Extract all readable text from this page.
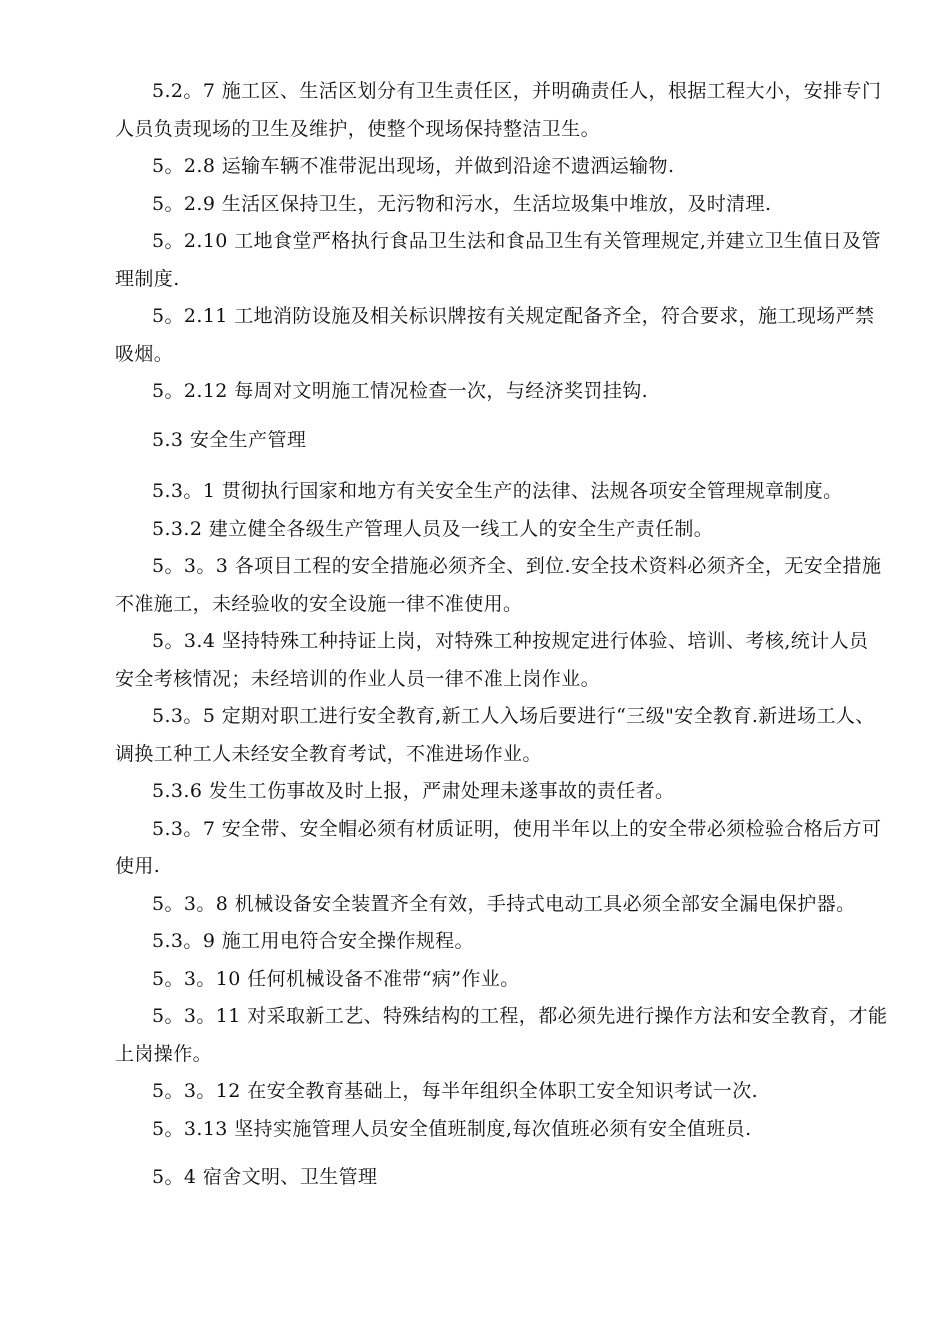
5.2。7 施工区、生活区划分有卫生责任区，并明确责任人，根据工程大小，安排专门
人员负责现场的卫生及维护，使整个现场保持整洁卫生。

5。2.8 运输车辆不准带泥出现场，并做到沿途不遗洒运输物.

5。2.9 生活区保持卫生，无污物和污水，生活垃圾集中堆放，及时清理.

5。2.10 工地食堂严格执行食品卫生法和食品卫生有关管理规定,并建立卫生值日及管
理制度.

5。2.11 工地消防设施及相关标识牌按有关规定配备齐全，符合要求，施工现场严禁
吸烟。

5。2.12 每周对文明施工情况检查一次，与经济奖罚挂钩.

5.3 安全生产管理

5.3。1 贯彻执行国家和地方有关安全生产的法律、法规各项安全管理规章制度。

5.3.2 建立健全各级生产管理人员及一线工人的安全生产责任制。

5。3。3 各项目工程的安全措施必须齐全、到位.安全技术资料必须齐全，无安全措施
不准施工，未经验收的安全设施一律不准使用。

5。3.4 坚持特殊工种持证上岗，对特殊工种按规定进行体验、培训、考核,统计人员
安全考核情况；未经培训的作业人员一律不准上岗作业。

5.3。5 定期对职工进行安全教育,新工人入场后要进行“三级"安全教育.新进场工人、
调换工种工人未经安全教育考试，不准进场作业。

5.3.6 发生工伤事故及时上报，严肃处理未遂事故的责任者。

5.3。7 安全带、安全帽必须有材质证明，使用半年以上的安全带必须检验合格后方可
使用.

5。3。8 机械设备安全装置齐全有效，手持式电动工具必须全部安全漏电保护器。

5.3。9 施工用电符合安全操作规程。

5。3。10 任何机械设备不准带“病”作业。

5。3。11 对采取新工艺、特殊结构的工程，都必须先进行操作方法和安全教育，才能
上岗操作。

5。3。12 在安全教育基础上，每半年组织全体职工安全知识考试一次.

5。3.13 坚持实施管理人员安全值班制度,每次值班必须有安全值班员.

5。4 宿舍文明、卫生管理
